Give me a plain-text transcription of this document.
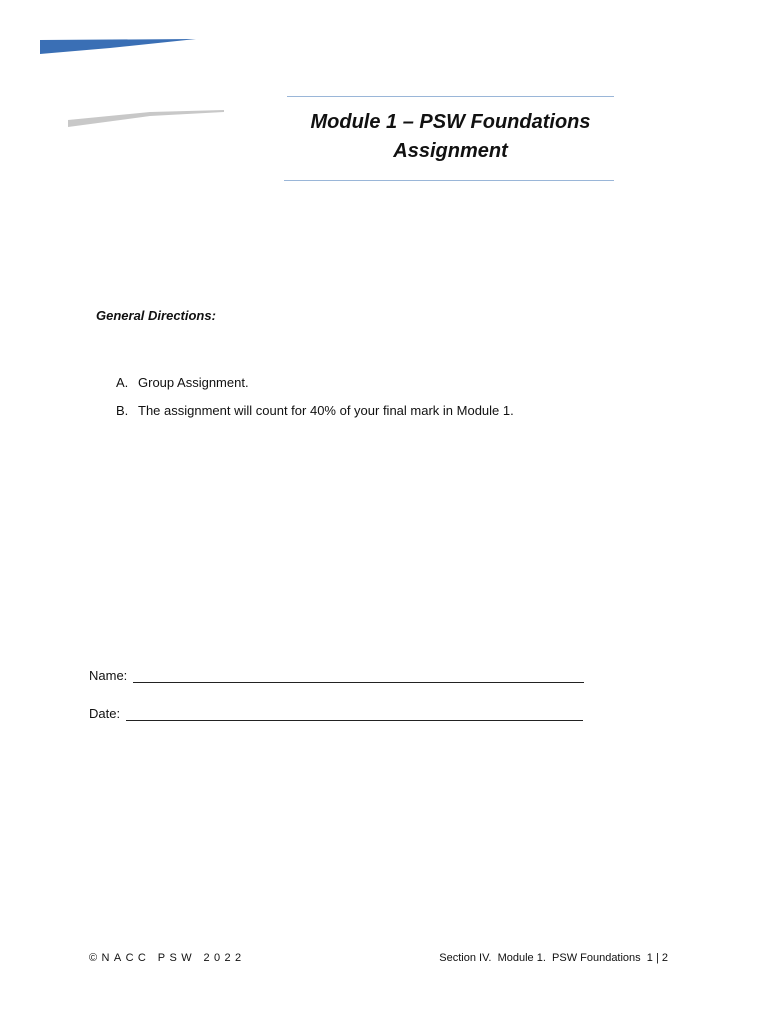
Module 1 – PSW Foundations
Assignment
General Directions:
A. Group Assignment.
B. The assignment will count for 40% of your final mark in Module 1.
Name:
Date:
©NACC PSW 2022	Section IV.  Module 1.  PSW Foundations  1 | 2
